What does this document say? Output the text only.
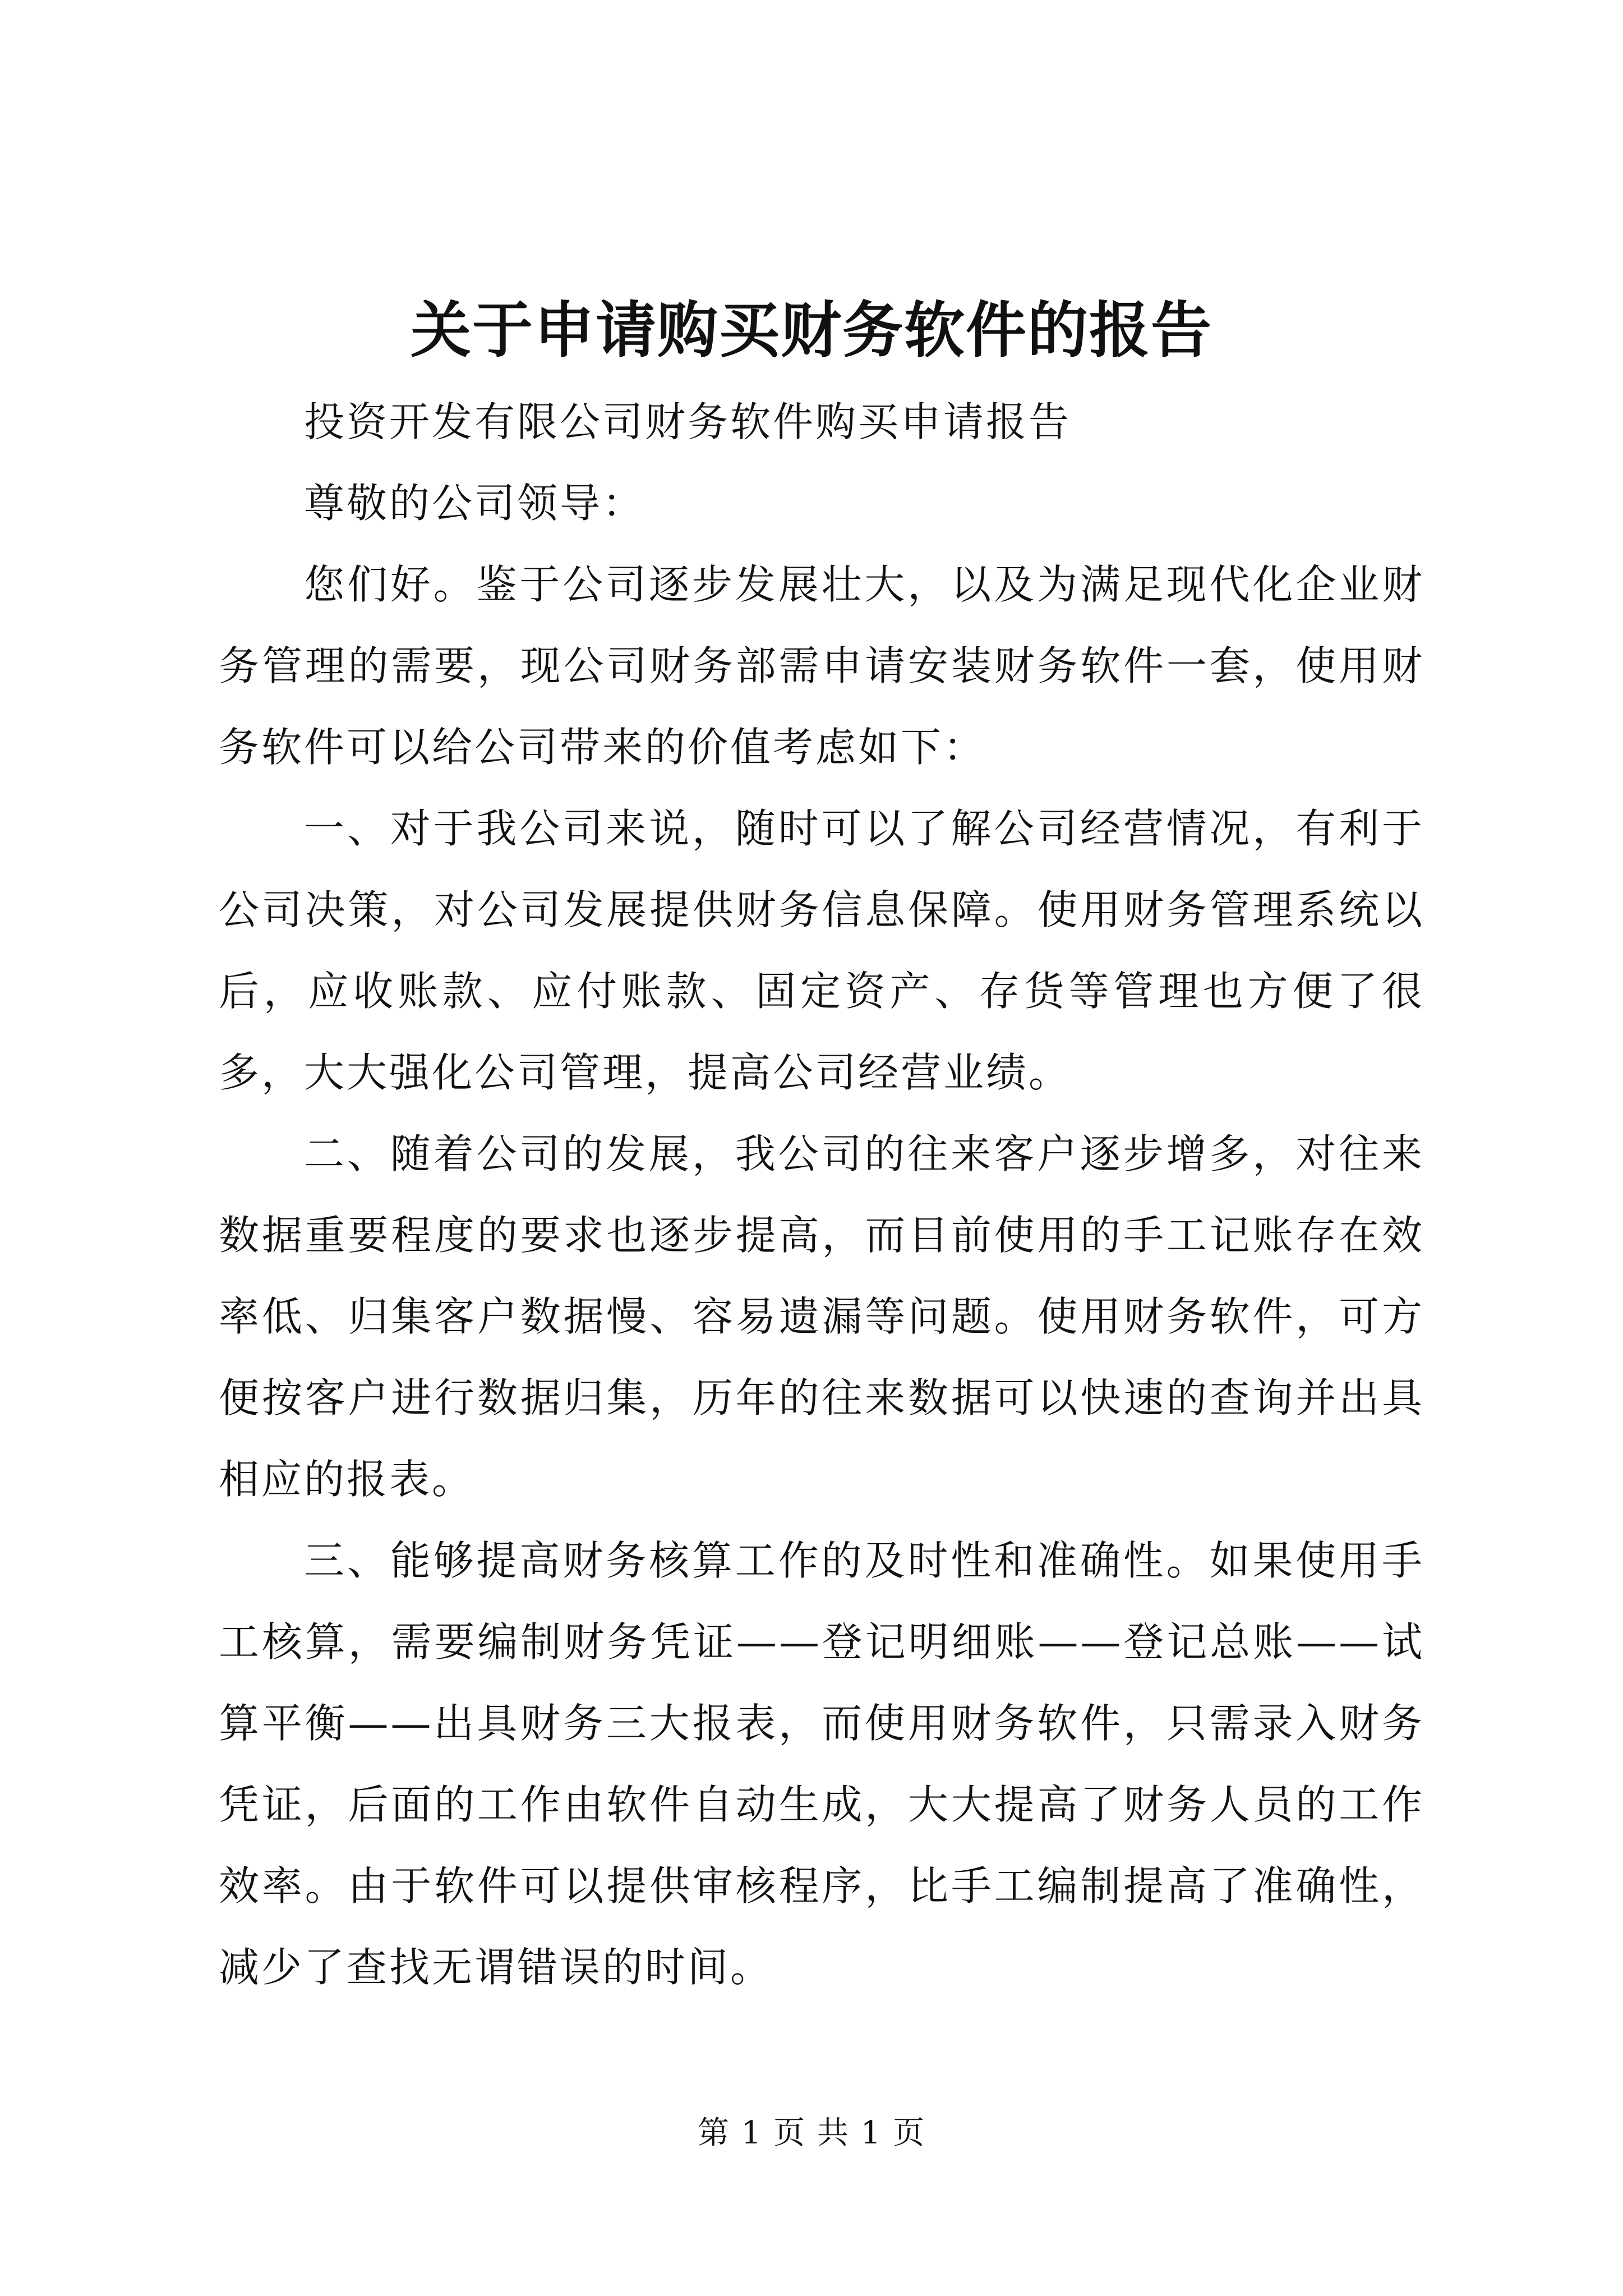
关于申请购买财务软件的报告

投资开发有限公司财务软件购买申请报告

尊敬的公司领导：

您们好。鉴于公司逐步发展壮大，以及为满足现代化企业财务管理的需要，现公司财务部需申请安装财务软件一套，使用财务软件可以给公司带来的价值考虑如下：

一、对于我公司来说，随时可以了解公司经营情况，有利于公司决策，对公司发展提供财务信息保障。使用财务管理系统以后，应收账款、应付账款、固定资产、存货等管理也方便了很多，大大强化公司管理，提高公司经营业绩。

二、随着公司的发展，我公司的往来客户逐步增多，对往来数据重要程度的要求也逐步提高，而目前使用的手工记账存在效率低、归集客户数据慢、容易遗漏等问题。使用财务软件，可方便按客户进行数据归集，历年的往来数据可以快速的查询并出具相应的报表。

三、能够提高财务核算工作的及时性和准确性。如果使用手工核算，需要编制财务凭证——登记明细账——登记总账——试算平衡——出具财务三大报表，而使用财务软件，只需录入财务凭证，后面的工作由软件自动生成，大大提高了财务人员的工作效率。由于软件可以提供审核程序，比手工编制提高了准确性，减少了查找无谓错误的时间。

第 1 页 共 1 页
